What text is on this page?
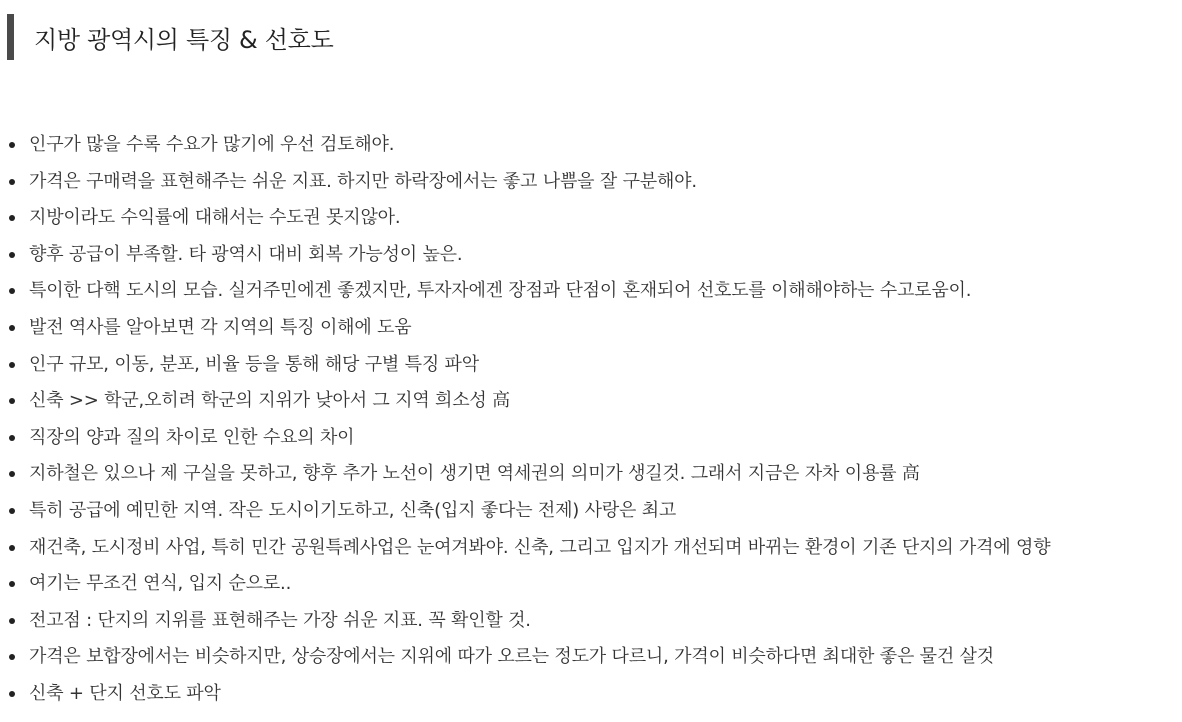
지방 광역시의 특징 & 선호도
인구가 많을 수록 수요가 많기에 우선 검토해야.
가격은 구매력을 표현해주는 쉬운 지표. 하지만 하락장에서는 좋고 나쁨을 잘 구분해야.
지방이라도 수익률에 대해서는 수도권 못지않아.
향후 공급이 부족할. 타 광역시 대비 회복 가능성이 높은.
특이한 다핵 도시의 모습. 실거주민에겐 좋겠지만, 투자자에겐 장점과 단점이 혼재되어 선호도를 이해해야하는 수고로움이.
발전 역사를 알아보면 각 지역의 특징 이해에 도움
인구 규모, 이동, 분포, 비율 등을 통해 해당 구별 특징 파악
신축 >> 학군,오히려 학군의 지위가 낮아서 그 지역 희소성 高
직장의 양과 질의 차이로 인한 수요의 차이
지하철은 있으나 제 구실을 못하고, 향후 추가 노선이 생기면 역세권의 의미가 생길것. 그래서 지금은 자차 이용률 高
특히 공급에 예민한 지역. 작은 도시이기도하고, 신축(입지 좋다는 전제) 사랑은 최고
재건축, 도시정비 사업, 특히 민간 공원특례사업은 눈여겨봐야. 신축, 그리고 입지가 개선되며 바뀌는 환경이 기존 단지의 가격에 영향
여기는 무조건 연식, 입지 순으로..
전고점 : 단지의 지위를 표현해주는 가장 쉬운 지표. 꼭 확인할 것.
가격은 보합장에서는 비슷하지만, 상승장에서는 지위에 따가 오르는 정도가 다르니, 가격이 비슷하다면 최대한 좋은 물건 살것
신축 + 단지 선호도 파악
